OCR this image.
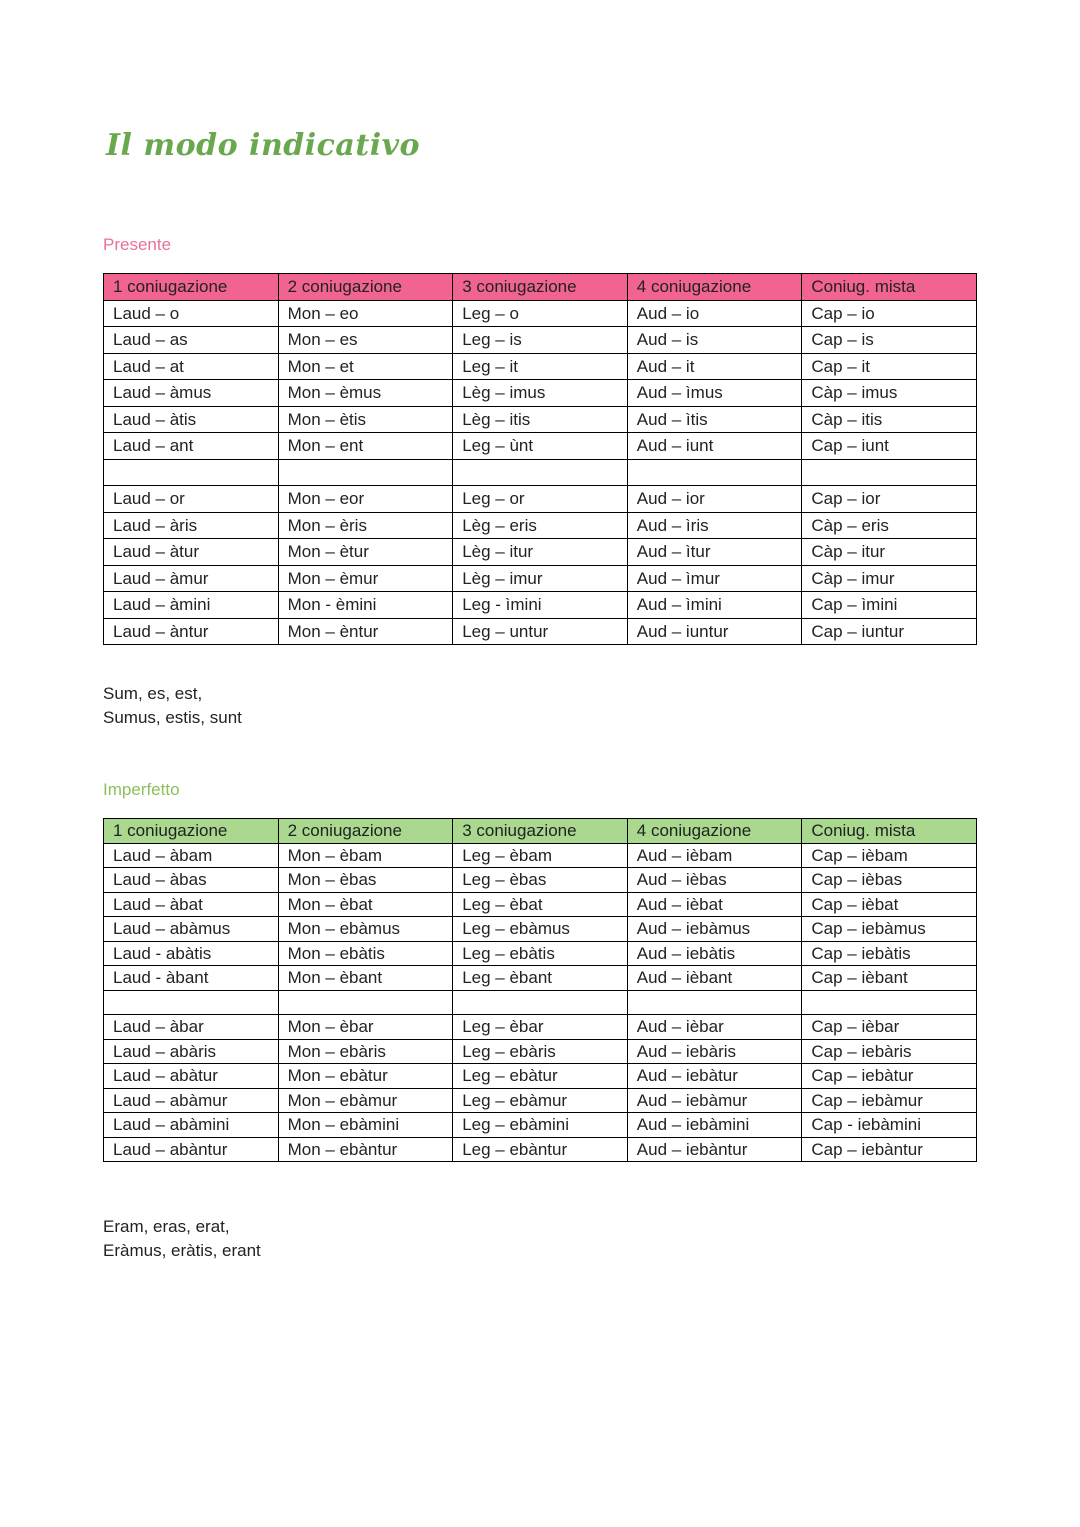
Il modo indicativo
Presente
1 coniugazione	2 coniugazione	3 coniugazione	4 coniugazione	Coniug. mista
Laud – o	Mon – eo	Leg – o	Aud – io	Cap – io
Laud – as	Mon – es	Leg – is	Aud – is	Cap – is
Laud – at	Mon – et	Leg – it	Aud – it	Cap – it
Laud – àmus	Mon – èmus	Lèg – imus	Aud – ìmus	Càp – imus
Laud – àtis	Mon – ètis	Lèg – itis	Aud – ìtis	Càp – itis
Laud – ant	Mon – ent	Leg – ùnt	Aud – iunt	Cap – iunt

Laud – or	Mon – eor	Leg – or	Aud – ior	Cap – ior
Laud – àris	Mon – èris	Lèg – eris	Aud – ìris	Càp – eris
Laud – àtur	Mon – ètur	Lèg – itur	Aud – ìtur	Càp – itur
Laud – àmur	Mon – èmur	Lèg – imur	Aud – ìmur	Càp – imur
Laud – àmini	Mon - èmini	Leg - ìmini	Aud – ìmini	Cap – ìmini
Laud – àntur	Mon – èntur	Leg – untur	Aud – iuntur	Cap – iuntur
Sum, es, est,
Sumus, estis, sunt
Imperfetto
1 coniugazione	2 coniugazione	3 coniugazione	4 coniugazione	Coniug. mista
Laud – àbam	Mon – èbam	Leg – èbam	Aud – ièbam	Cap – ièbam
Laud – àbas	Mon – èbas	Leg – èbas	Aud – ièbas	Cap – ièbas
Laud – àbat	Mon – èbat	Leg – èbat	Aud – ièbat	Cap – ièbat
Laud – abàmus	Mon – ebàmus	Leg – ebàmus	Aud – iebàmus	Cap – iebàmus
Laud - abàtis	Mon – ebàtis	Leg – ebàtis	Aud – iebàtis	Cap – iebàtis
Laud - àbant	Mon – èbant	Leg – èbant	Aud – ièbant	Cap – ièbant

Laud – àbar	Mon – èbar	Leg – èbar	Aud – ièbar	Cap – ièbar
Laud – abàris	Mon – ebàris	Leg – ebàris	Aud – iebàris	Cap – iebàris
Laud – abàtur	Mon – ebàtur	Leg – ebàtur	Aud – iebàtur	Cap – iebàtur
Laud – abàmur	Mon – ebàmur	Leg – ebàmur	Aud – iebàmur	Cap – iebàmur
Laud – abàmini	Mon – ebàmini	Leg – ebàmini	Aud – iebàmini	Cap - iebàmini
Laud – abàntur	Mon – ebàntur	Leg – ebàntur	Aud – iebàntur	Cap – iebàntur
Eram, eras, erat,
Eràmus, eràtis, erant
